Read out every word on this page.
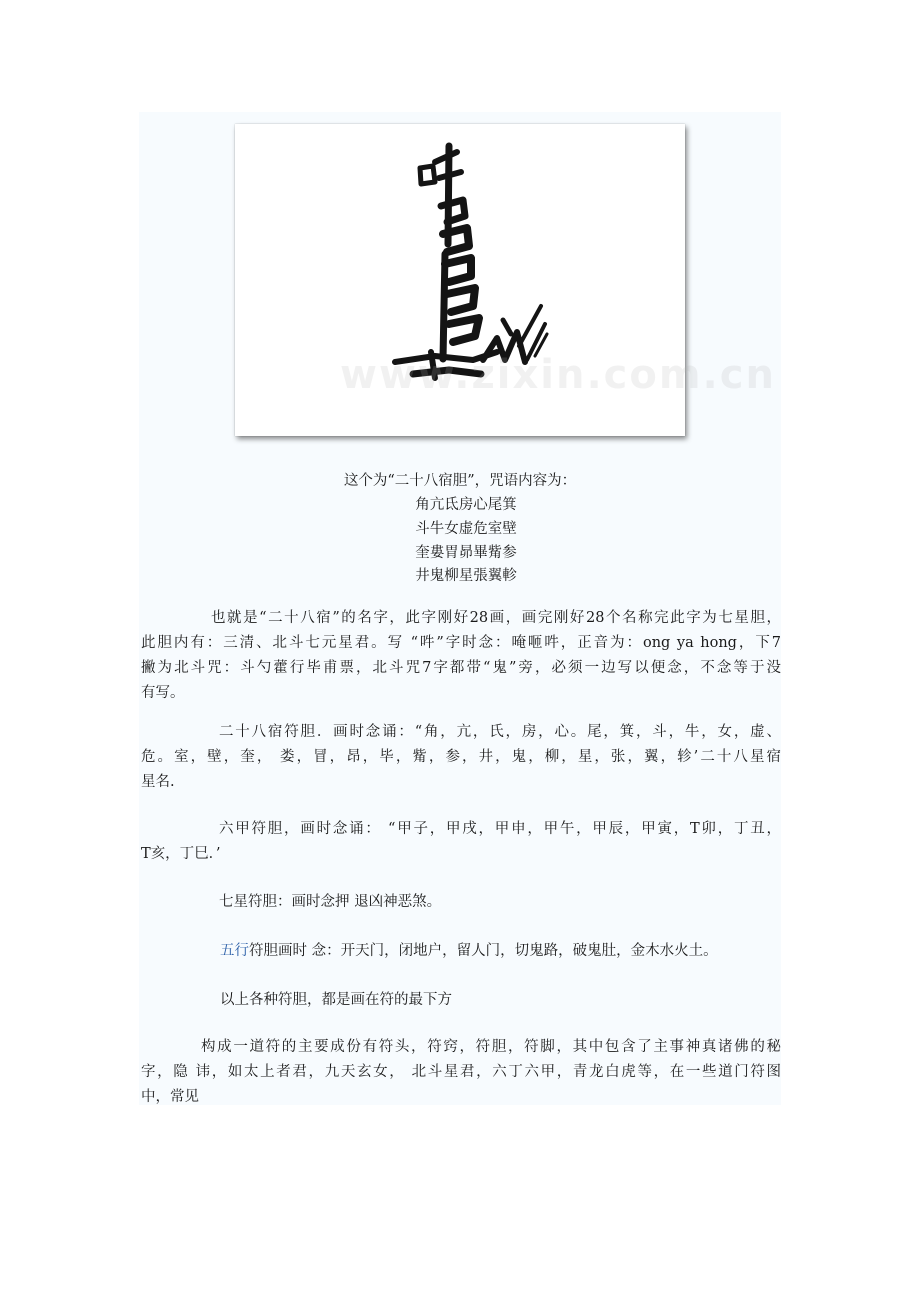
www.zixin.com.cn
这个为“二十八宿胆”，咒语内容为：
角亢氐房心尾箕
斗牛女虚危室壁
奎婁胃昴畢觜参
井鬼柳星張翼軫
也就是“二十八宿”的名字，此字刚好28画，画完刚好28个名称完此字为七星胆，
此胆内有：三清、北斗七元星君。写 “吽”字时念：唵咂吽，正音为：ong ya hong，下7
撇为北斗咒：斗勺藿行毕甫票，北斗咒7字都带“鬼”旁，必须一边写以便念，不念等于没
有写。
二十八宿符胆．画时念诵：“角，亢，氏，房，心。尾，箕，斗，牛，女，虚、
危。室，壁，奎， 娄，冒，昂，毕，觜，参，井，鬼，柳，星，张，翼，轸’二十八星宿
星名.
六甲符胆，画时念诵： “甲子，甲戌，甲申，甲午，甲辰，甲寅，T卯，丁丑，
T亥，丁巳．’
七星符胆：画时念押 退凶神恶煞。
五行符胆画时 念：开天门，闭地户，留人门，切鬼路，破鬼肚，金木水火土。
以上各种符胆，都是画在符的最下方
构成一道符的主要成份有符头，符窍，符胆，符脚，其中包含了主事神真诸佛的秘
字，隐 讳，如太上者君，九天玄女， 北斗星君，六丁六甲，青龙白虎等，在一些道门符图
中，常见
